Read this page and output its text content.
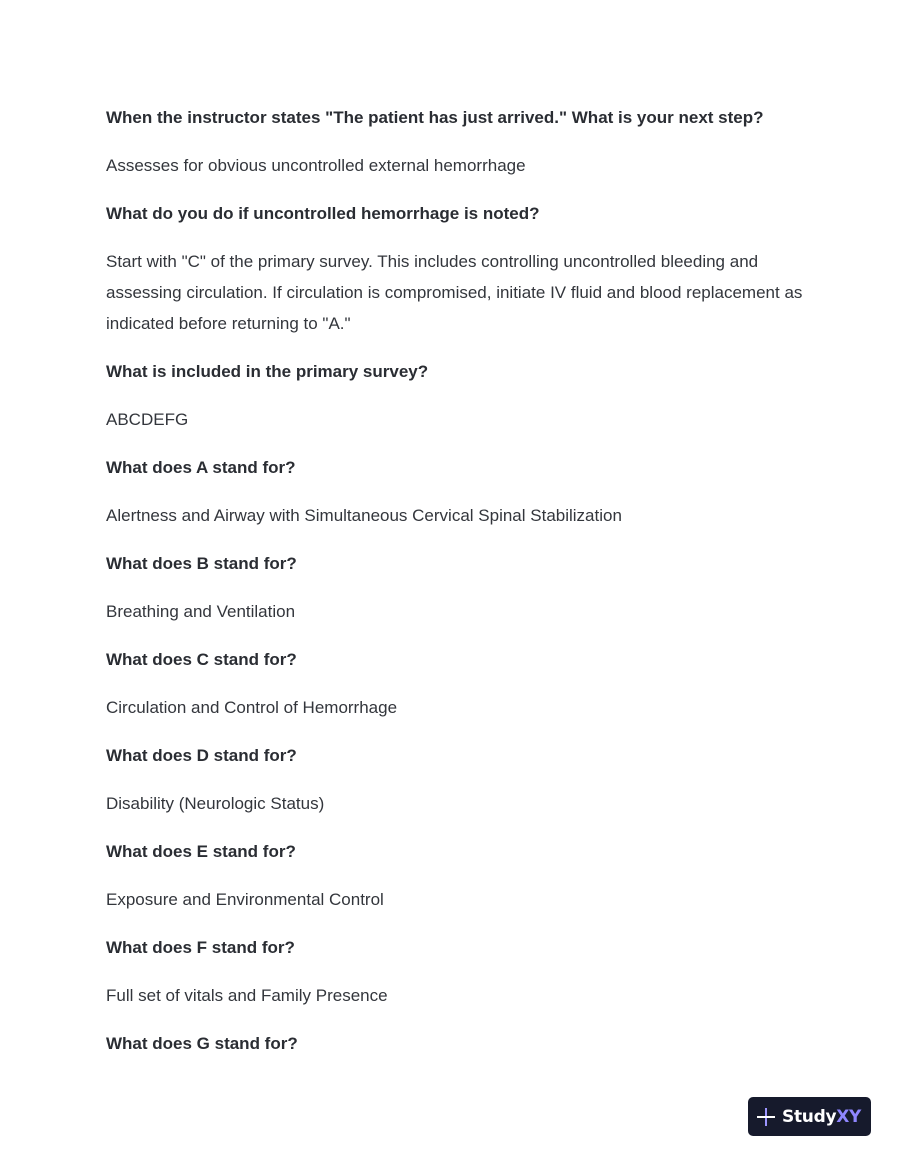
When the instructor states "The patient has just arrived." What is your next step?

Assesses for obvious uncontrolled external hemorrhage

What do you do if uncontrolled hemorrhage is noted?

Start with "C" of the primary survey. This includes controlling uncontrolled bleeding and assessing circulation. If circulation is compromised, initiate IV fluid and blood replacement as indicated before returning to "A."

What is included in the primary survey?

ABCDEFG

What does A stand for?

Alertness and Airway with Simultaneous Cervical Spinal Stabilization

What does B stand for?

Breathing and Ventilation

What does C stand for?

Circulation and Control of Hemorrhage

What does D stand for?

Disability (Neurologic Status)

What does E stand for?

Exposure and Environmental Control

What does F stand for?

Full set of vitals and Family Presence

What does G stand for?

StudyXY
